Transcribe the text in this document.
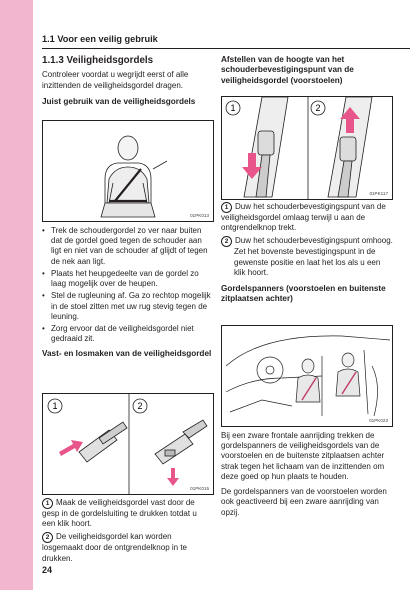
1.1 Voor een veilig gebruik
1.1.3 Veiligheidsgordels

Controleer voordat u wegrijdt eerst of alle inzittenden de veiligheidsgordel dragen.

Juist gebruik van de veiligheidsgordels
01PK013
• Trek de schoudergordel zo ver naar buiten dat de gordel goed tegen de schouder aan ligt en niet van de schouder af glijdt of tegen de nek aan ligt.
• Plaats het heupgedeelte van de gordel zo laag mogelijk over de heupen.
• Stel de rugleuning af. Ga zo rechtop mogelijk in de stoel zitten met uw rug stevig tegen de leuning.
• Zorg ervoor dat de veiligheidsgordel niet gedraaid zit.
Vast- en losmaken van de veiligheidsgordel
1	2
01PK015

1 Maak de veiligheidsgordel vast door de gesp in de gordelsluiting te drukken totdat u een klik hoort.

2 De veiligheidsgordel kan worden losgemaakt door de ontgrendelknop in te drukken.

24
Afstellen van de hoogte van het schouderbevestigingspunt van de veiligheidsgordel (voorstoelen)
1	2
01PK117

1 Duw het schouderbevestigingspunt van de veiligheidsgordel omlaag terwijl u aan de ontgrendelknop trekt.

2 Duw het schouderbevestigingspunt omhoog.

Zet het bovenste bevestigingspunt in de gewenste positie en laat het los als u een klik hoort.

Gordelspanners (voorstoelen en buitenste zitplaatsen achter)
01PK023

Bij een zware frontale aanrijding trekken de gordelspanners de veiligheidsgordels van de voorstoelen en de buitenste zitplaatsen achter strak tegen het lichaam van de inzittenden om deze goed op hun plaats te houden.

De gordelspanners van de voorstoelen worden ook geactiveerd bij een zware aanrijding van opzij.
